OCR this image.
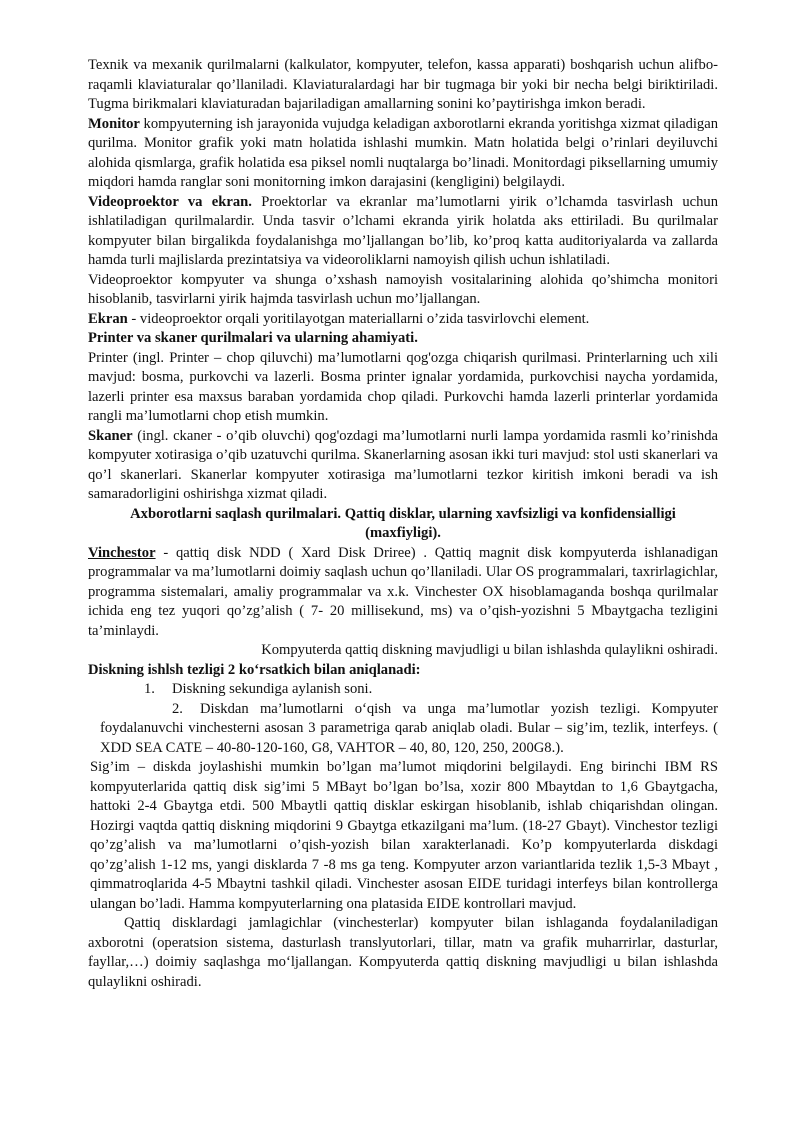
Texnik va mexanik qurilmalarni (kalkulator, kompyuter, telefon, kassa apparati) boshqarish uchun alifbo-raqamli klaviaturalar qo’llaniladi. Klaviaturalardagi har bir tugmaga bir yoki bir necha belgi biriktiriladi. Tugma birikmalari klaviaturadan bajariladigan amallarning sonini ko’paytirishga imkon beradi.

Monitor kompyuterning ish jarayonida vujudga keladigan axborotlarni ekranda yoritishga xizmat qiladigan qurilma. Monitor grafik yoki matn holatida ishlashi mumkin. Matn holatida belgi o’rinlari deyiluvchi alohida qismlarga, grafik holatida esa piksel nomli nuqtalarga bo’linadi. Monitordagi piksellarning umumiy miqdori hamda ranglar soni monitorning imkon darajasini (kengligini) belgilaydi.

Videoproektor va ekran. Proektorlar va ekranlar ma’lumotlarni yirik o’lchamda tasvirlash uchun ishlatiladigan qurilmalardir. Unda tasvir o’lchami ekranda yirik holatda aks ettiriladi. Bu qurilmalar kompyuter bilan birgalikda foydalanishga mo’ljallangan bo’lib, ko’proq katta auditoriyalarda va zallarda hamda turli majlislarda prezintatsiya va videoroliklarni namoyish qilish uchun ishlatiladi.

Videoproektor kompyuter va shunga o’xshash namoyish vositalarining alohida qo’shimcha monitori hisoblanib, tasvirlarni yirik hajmda tasvirlash uchun mo’ljallangan.

Ekran - videoproektor orqali yoritilayotgan materiallarni o’zida tasvirlovchi element.

Printer va skaner qurilmalari va ularning ahamiyati.

Printer (ingl. Printer – chop qiluvchi) ma’lumotlarni qog'ozga chiqarish qurilmasi. Printerlarning uch xili mavjud: bosma, purkovchi va lazerli. Bosma printer ignalar yordamida, purkovchisi naycha yordamida, lazerli printer esa maxsus baraban yordamida chop qiladi. Purkovchi hamda lazerli printerlar yordamida rangli ma’lumotlarni chop etish mumkin.

Skaner (ingl. ckaner - o’qib oluvchi) qog'ozdagi ma’lumotlarni nurli lampa yordamida rasmli ko’rinishda kompyuter xotirasiga o’qib uzatuvchi qurilma. Skanerlarning asosan ikki turi mavjud: stol usti skanerlari va qo’l skanerlari. Skanerlar kompyuter xotirasiga ma’lumotlarni tezkor kiritish imkoni beradi va ish samaradorligini oshirishga xizmat qiladi.

Axborotlarni saqlash qurilmalari. Qattiq disklar, ularning xavfsizligi va konfidensialligi (maxfiyligi).

Vinchestor - qattiq disk NDD ( Xard Disk Driree) . Qattiq magnit disk kompyuterda ishlanadigan programmalar va ma’lumotlarni doimiy saqlash uchun qo’llaniladi. Ular OS programmalari, taxrirlagichlar, programma sistemalari, amaliy programmalar va x.k. Vinchester OX hisoblamaganda boshqa qurilmalar ichida eng tez yuqori qo’zg’alish ( 7- 20 millisekund, ms) va o’qish-yozishni 5 Mbaytgacha tezligini ta’minlaydi.

Kompyuterda qattiq diskning mavjudligi u bilan ishlashda qulaylikni oshiradi.

Diskning ishlsh tezligi 2 ko‘rsatkich bilan aniqlanadi:

1. Diskning sekundiga aylanish soni.

2. Diskdan ma’lumotlarni o‘qish va unga ma’lumotlar yozish tezligi. Kompyuter foydalanuvchi vinchesterni asosan 3 parametriga qarab aniqlab oladi. Bular – sig’im, tezlik, interfeys. ( XDD SEA CATE – 40-80-120-160, G8, VAHTOR – 40, 80, 120, 250, 200G8.).

Sig’im – diskda joylashishi mumkin bo’lgan ma’lumot miqdorini belgilaydi. Eng birinchi IBM RS kompyuterlarida qattiq disk sig’imi 5 MBayt bo’lgan bo’lsa, xozir 800 Mbaytdan to 1,6 Gbaytgacha, hattoki 2-4 Gbaytga etdi. 500 Mbaytli qattiq disklar eskirgan hisoblanib, ishlab chiqarishdan olingan. Hozirgi vaqtda qattiq diskning miqdorini 9 Gbaytga etkazilgani ma’lum. (18-27 Gbayt). Vinchestor tezligi qo’zg’alish va ma’lumotlarni o’qish-yozish bilan xarakterlanadi. Ko’p kompyuterlarda diskdagi qo’zg’alish 1-12 ms, yangi disklarda 7 -8 ms ga teng. Kompyuter arzon variantlarida tezlik 1,5-3 Mbayt , qimmatroqlarida 4-5 Mbaytni tashkil qiladi. Vinchester asosan EIDE turidagi interfeys bilan kontrollerga ulangan bo’ladi. Hamma kompyuterlarning ona platasida EIDE kontrollari mavjud.

Qattiq disklardagi jamlagichlar (vinchesterlar) kompyuter bilan ishlaganda foydalaniladigan axborotni (operatsion sistema, dasturlash translyutorlari, tillar, matn va grafik muharrirlar, dasturlar, fayllar,…) doimiy saqlashga mo‘ljallangan. Kompyuterda qattiq diskning mavjudligi u bilan ishlashda qulaylikni oshiradi.
